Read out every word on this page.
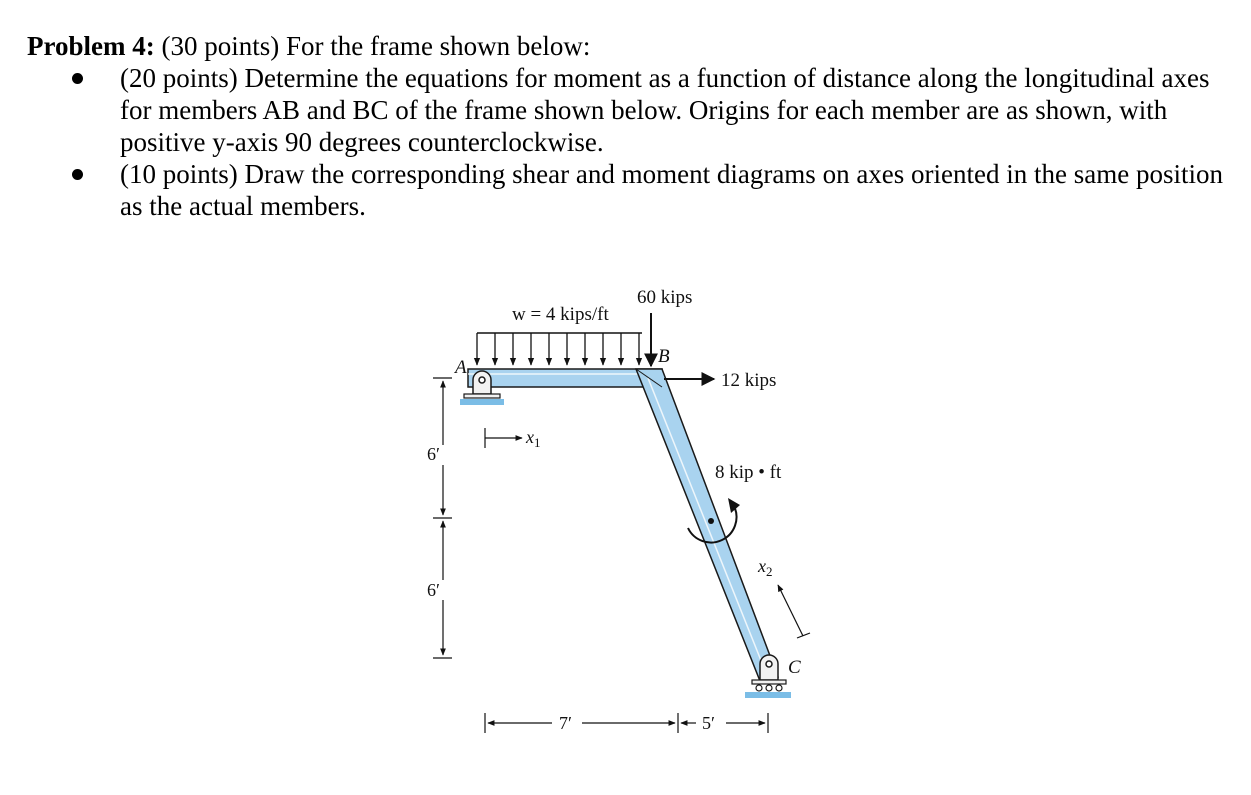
Problem 4: (30 points) For the frame shown below:
(20 points) Determine the equations for moment as a function of distance along the longitudinal axes for members AB and BC of the frame shown below. Origins for each member are as shown, with positive y-axis 90 degrees counterclockwise.
(10 points) Draw the corresponding shear and moment diagrams on axes oriented in the same position as the actual members.
w = 4 kips/ft
60 kips
12 kips
A
B
C
8 kip • ft
$x_1$
$x_2$
6′
6′
7′	5′
